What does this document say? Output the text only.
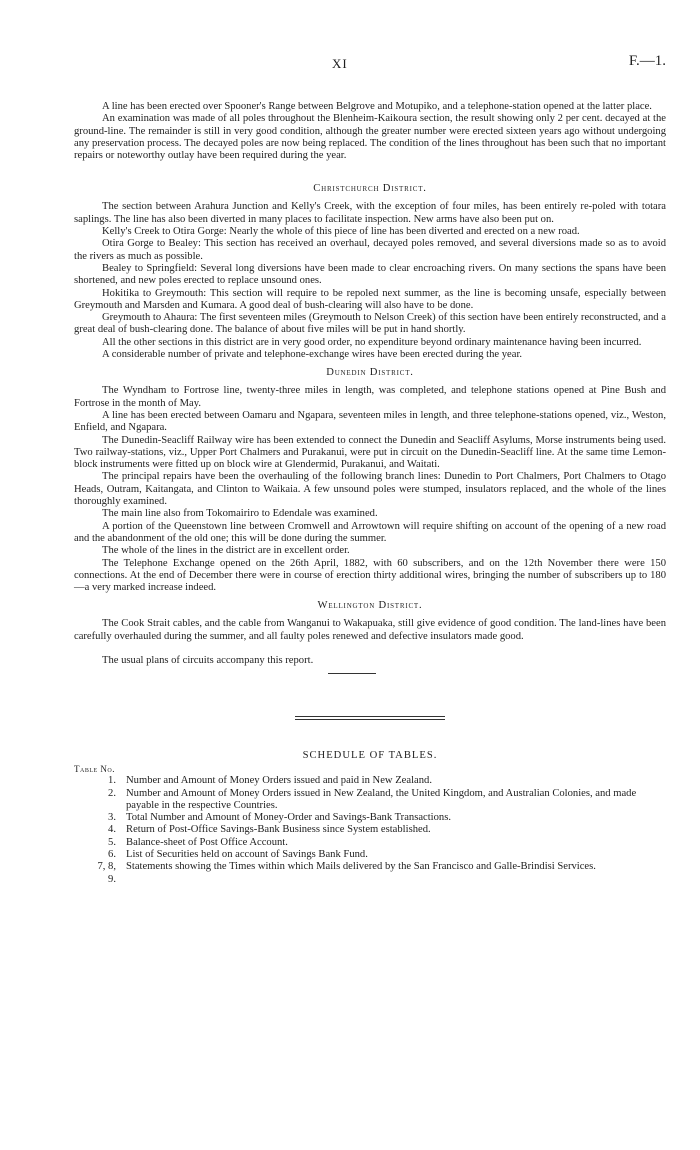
XI	F.—1.

A line has been erected over Spooner's Range between Belgrove and Motupiko, and a telephone-station opened at the latter place.

An examination was made of all poles throughout the Blenheim-Kaikoura section, the result showing only 2 per cent. decayed at the ground-line. The remainder is still in very good condition, although the greater number were erected sixteen years ago without undergoing any preservation process. The decayed poles are now being replaced. The condition of the lines throughout has been such that no important repairs or noteworthy outlay have been required during the year.

Christchurch District.

The section between Arahura Junction and Kelly's Creek, with the exception of four miles, has been entirely re-poled with totara saplings. The line has also been diverted in many places to facilitate inspection. New arms have also been put on.

Kelly's Creek to Otira Gorge: Nearly the whole of this piece of line has been diverted and erected on a new road.

Otira Gorge to Bealey: This section has received an overhaul, decayed poles removed, and several diversions made so as to avoid the rivers as much as possible.

Bealey to Springfield: Several long diversions have been made to clear encroaching rivers. On many sections the spans have been shortened, and new poles erected to replace unsound ones.

Hokitika to Greymouth: This section will require to be repoled next summer, as the line is becoming unsafe, especially between Greymouth and Marsden and Kumara. A good deal of bush-clearing will also have to be done.

Greymouth to Ahaura: The first seventeen miles (Greymouth to Nelson Creek) of this section have been entirely reconstructed, and a great deal of bush-clearing done. The balance of about five miles will be put in hand shortly.

All the other sections in this district are in very good order, no expenditure beyond ordinary maintenance having been incurred.

A considerable number of private and telephone-exchange wires have been erected during the year.

Dunedin District.

The Wyndham to Fortrose line, twenty-three miles in length, was completed, and telephone stations opened at Pine Bush and Fortrose in the month of May.

A line has been erected between Oamaru and Ngapara, seventeen miles in length, and three telephone-stations opened, viz., Weston, Enfield, and Ngapara.

The Dunedin-Seacliff Railway wire has been extended to connect the Dunedin and Seacliff Asylums, Morse instruments being used. Two railway-stations, viz., Upper Port Chalmers and Purakanui, were put in circuit on the Dunedin-Seacliff line. At the same time Lemon-block instruments were fitted up on block wire at Glendermid, Purakanui, and Waitati.

The principal repairs have been the overhauling of the following branch lines: Dunedin to Port Chalmers, Port Chalmers to Otago Heads, Outram, Kaitangata, and Clinton to Waikaia. A few unsound poles were stumped, insulators replaced, and the whole of the lines thoroughly examined.

The main line also from Tokomairiro to Edendale was examined.

A portion of the Queenstown line between Cromwell and Arrowtown will require shifting on account of the opening of a new road and the abandonment of the old one; this will be done during the summer.

The whole of the lines in the district are in excellent order.

The Telephone Exchange opened on the 26th April, 1882, with 60 subscribers, and on the 12th November there were 150 connections. At the end of December there were in course of erection thirty additional wires, bringing the number of subscribers up to 180—a very marked increase indeed.

Wellington District.

The Cook Strait cables, and the cable from Wanganui to Wakapuaka, still give evidence of good condition. The land-lines have been carefully overhauled during the summer, and all faulty poles renewed and defective insulators made good.

The usual plans of circuits accompany this report.

SCHEDULE OF TABLES.
Table No.
1. Number and Amount of Money Orders issued and paid in New Zealand.
2. Number and Amount of Money Orders issued in New Zealand, the United Kingdom, and Australian Colonies, and made payable in the respective Countries.
3. Total Number and Amount of Money-Order and Savings-Bank Transactions.
4. Return of Post-Office Savings-Bank Business since System established.
5. Balance-sheet of Post Office Account.
6. List of Securities held on account of Savings Bank Fund.
7, 8, 9.
Statements showing the Times within which Mails delivered by the San Francisco and Galle-Brindisi Services.
